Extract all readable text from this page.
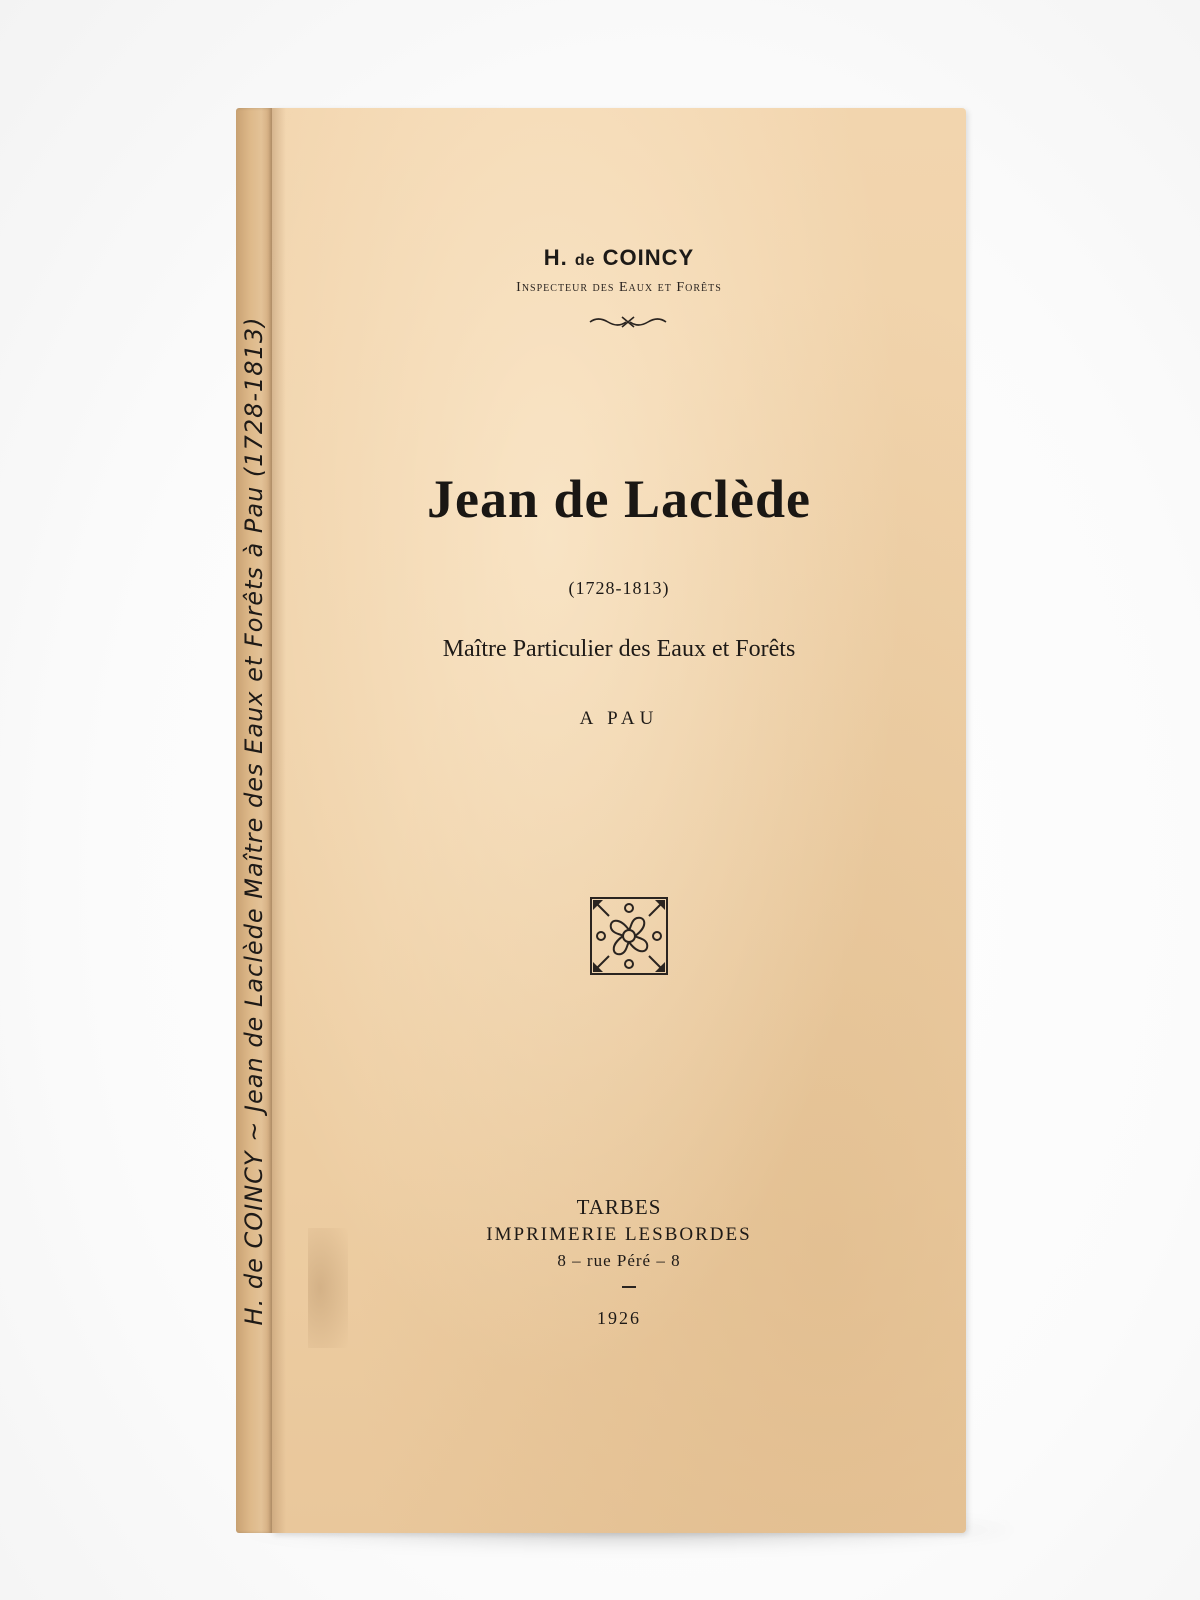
H. de COINCY ~ Jean de Laclède Maître des Eaux et Forêts à Pau (1728-1813)
H. de COINCY
Inspecteur des Eaux et Forêts
Jean de Laclède
(1728-1813)
Maître Particulier des Eaux et Forêts
A PAU
TARBES
IMPRIMERIE LESBORDES
8 – rue Péré – 8
1926
